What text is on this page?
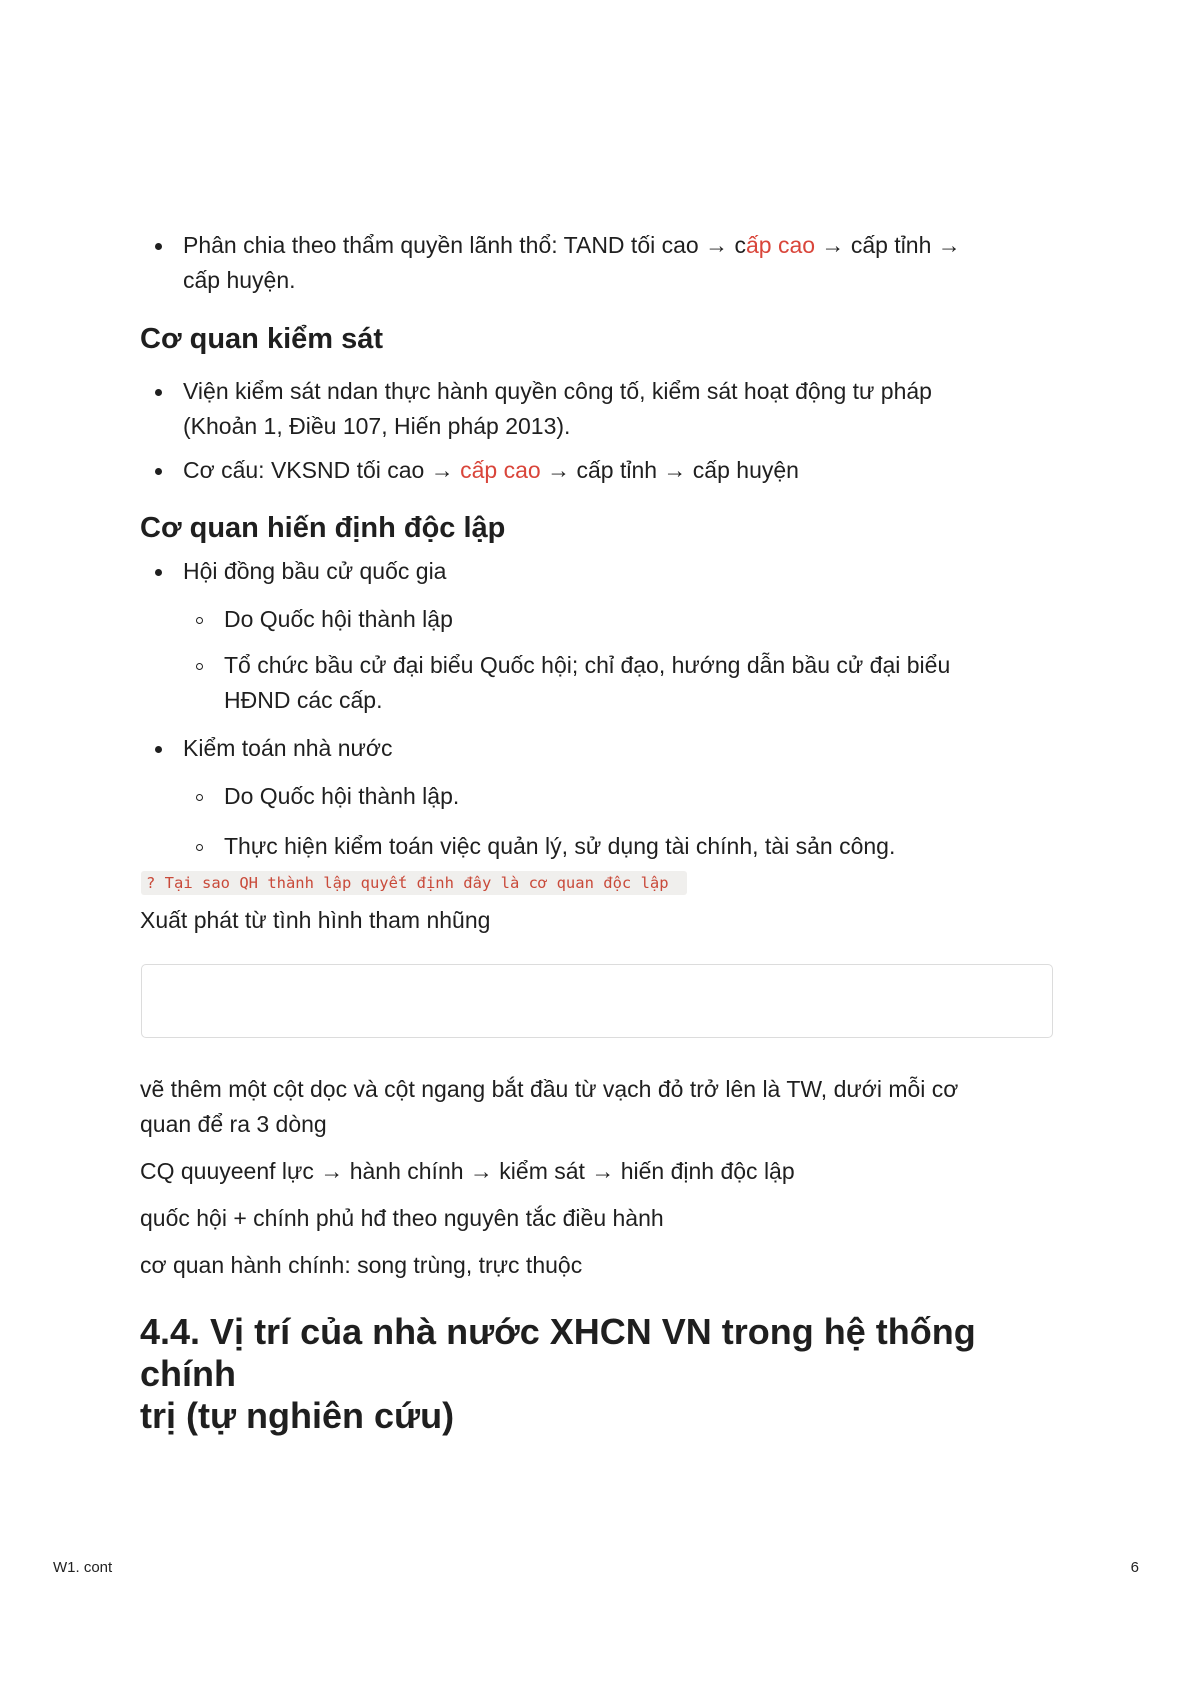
Phân chia theo thẩm quyền lãnh thổ: TAND tối cao → cấp cao → cấp tỉnh →
cấp huyện.
Cơ quan kiểm sát
Viện kiểm sát ndan thực hành quyền công tố, kiểm sát hoạt động tư pháp
(Khoản 1, Điều 107, Hiến pháp 2013).
Cơ cấu: VKSND tối cao → cấp cao → cấp tỉnh → cấp huyện
Cơ quan hiến định độc lập
Hội đồng bầu cử quốc gia
Do Quốc hội thành lập
Tổ chức bầu cử đại biểu Quốc hội; chỉ đạo, hướng dẫn bầu cử đại biểu
HĐND các cấp.
Kiểm toán nhà nước
Do Quốc hội thành lập.
Thực hiện kiểm toán việc quản lý, sử dụng tài chính, tài sản công.
? Tại sao QH thành lập quyết định đây là cơ quan độc lập
Xuất phát từ tình hình tham nhũng
vẽ thêm một cột dọc và cột ngang bắt đầu từ vạch đỏ trở lên là TW, dưới mỗi cơ
quan để ra 3 dòng
CQ quuyeenf lực → hành chính → kiểm sát → hiến định độc lập
quốc hội + chính phủ hđ theo nguyên tắc điều hành
cơ quan hành chính: song trùng, trực thuộc
4.4. Vị trí của nhà nước XHCN VN trong hệ thống chính
trị (tự nghiên cứu)
W1. cont	6
